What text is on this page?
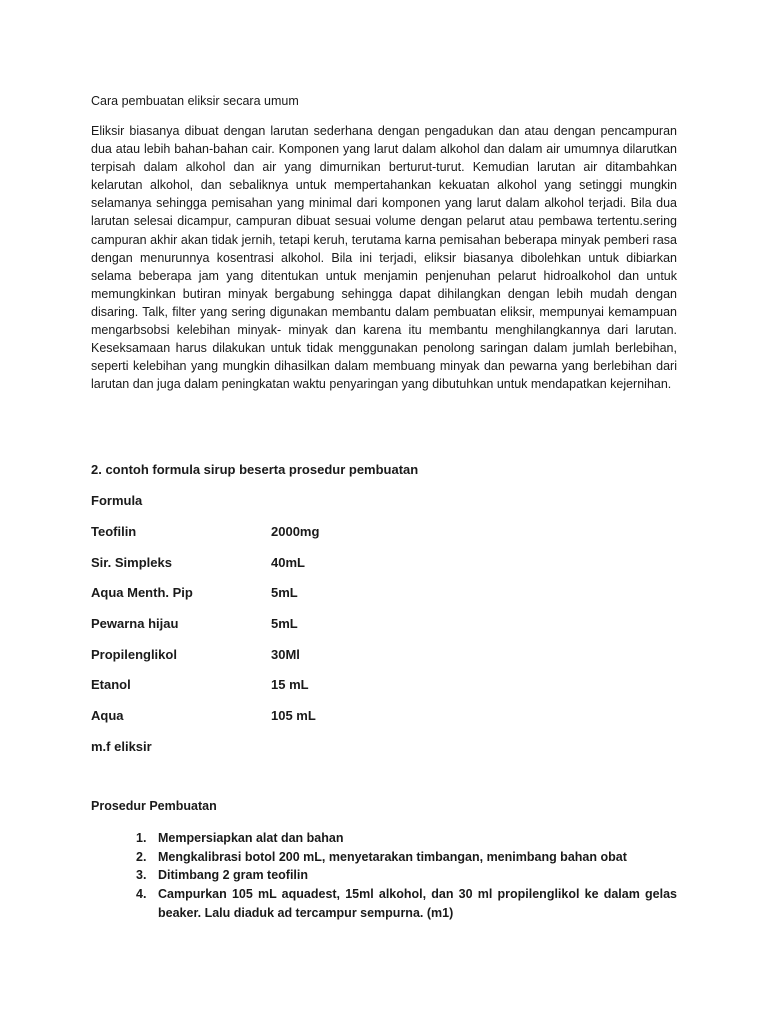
Cara pembuatan eliksir secara umum

Eliksir biasanya dibuat dengan larutan sederhana dengan pengadukan dan atau dengan pencampuran dua atau lebih bahan-bahan cair. Komponen yang larut dalam alkohol dan dalam air umumnya dilarutkan terpisah dalam alkohol dan air yang dimurnikan berturut-turut. Kemudian larutan air ditambahkan kelarutan alkohol, dan sebaliknya untuk mempertahankan kekuatan alkohol yang setinggi mungkin selamanya sehingga pemisahan yang minimal dari komponen yang larut dalam alkohol terjadi. Bila dua larutan selesai dicampur, campuran dibuat sesuai volume dengan pelarut atau pembawa tertentu.sering campuran akhir akan tidak jernih, tetapi keruh, terutama karna pemisahan beberapa minyak pemberi rasa dengan menurunnya kosentrasi alkohol. Bila ini terjadi, eliksir biasanya dibolehkan untuk dibiarkan selama beberapa jam yang ditentukan untuk menjamin penjenuhan pelarut hidroalkohol dan untuk memungkinkan butiran minyak bergabung sehingga dapat dihilangkan dengan lebih mudah dengan disaring. Talk, filter yang sering digunakan membantu dalam pembuatan eliksir, mempunyai kemampuan mengarbsobsi kelebihan minyak- minyak dan karena itu membantu menghilangkannya dari larutan. Keseksamaan harus dilakukan untuk tidak menggunakan penolong saringan dalam jumlah berlebihan, seperti kelebihan yang mungkin dihasilkan dalam membuang minyak dan pewarna yang berlebihan dari larutan dan juga dalam peningkatan waktu penyaringan yang dibutuhkan untuk mendapatkan kejernihan.

2. contoh formula sirup beserta prosedur pembuatan
Formula
Teofilin	2000mg
Sir. Simpleks	40mL
Aqua Menth. Pip	5mL
Pewarna hijau	5mL
Propilenglikol	30Ml
Etanol	15 mL
Aqua	105 mL
m.f eliksir
Prosedur Pembuatan
1. Mempersiapkan alat dan bahan
2. Mengkalibrasi botol 200 mL, menyetarakan timbangan, menimbang bahan obat
3. Ditimbang 2 gram teofilin
4. Campurkan 105 mL aquadest, 15ml alkohol, dan 30 ml propilenglikol ke dalam gelas beaker. Lalu diaduk ad tercampur sempurna. (m1)
